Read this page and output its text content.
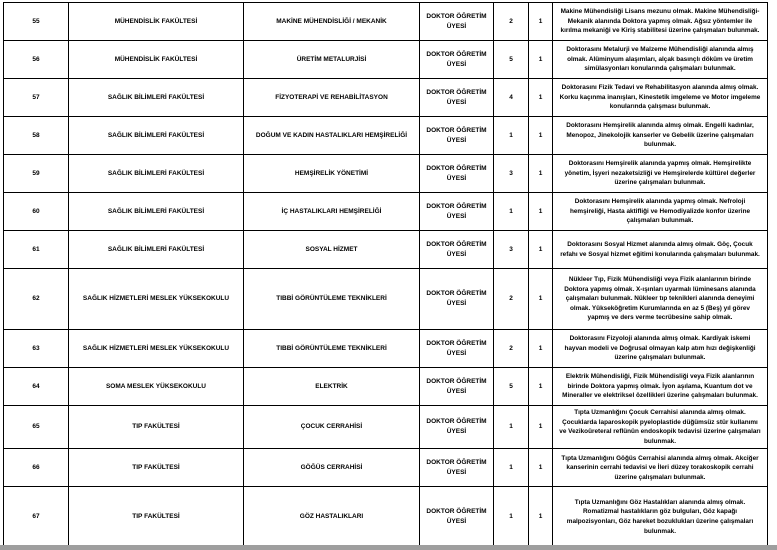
55	MÜHENDİSLİK FAKÜLTESİ	MAKİNE MÜHENDİSLİĞİ / MEKANİK	DOKTOR ÖĞRETİM ÜYESİ	2	1	Makine Mühendisliği Lisans mezunu olmak. Makine Mühendisliği-Mekanik alanında Doktora yapmış olmak. Ağsız yöntemler ile kırılma mekaniği ve Kiriş stabilitesi üzerine çalışmaları bulunmak.
56	MÜHENDİSLİK FAKÜLTESİ	ÜRETİM METALURJİSİ	DOKTOR ÖĞRETİM ÜYESİ	5	1	Doktorasını Metalurji ve Malzeme Mühendisliği alanında almış olmak. Alüminyum alaşımları, alçak basınçlı döküm ve üretim simülasyonları konularında çalışmaları bulunmak.
57	SAĞLIK BİLİMLERİ FAKÜLTESİ	FİZYOTERAPİ VE REHABİLİTASYON	DOKTOR ÖĞRETİM ÜYESİ	4	1	Doktorasını Fizik Tedavi ve Rehabilitasyon alanında almış olmak. Korku kaçınma inanışları, Kinestetik imgeleme ve Motor imgeleme konularında çalışması bulunmak.
58	SAĞLIK BİLİMLERİ FAKÜLTESİ	DOĞUM VE KADIN HASTALIKLARI HEMŞİRELİĞİ	DOKTOR ÖĞRETİM ÜYESİ	1	1	Doktorasını Hemşirelik alanında almış olmak. Engelli kadınlar, Menopoz, Jinekolojik kanserler ve Gebelik üzerine çalışmaları bulunmak.
59	SAĞLIK BİLİMLERİ FAKÜLTESİ	HEMŞİRELİK YÖNETİMİ	DOKTOR ÖĞRETİM ÜYESİ	3	1	Doktorasını Hemşirelik alanında yapmış olmak. Hemşirelikte yönetim, İşyeri nezaketsizliği ve Hemşirelerde kültürel değerler üzerine çalışmaları bulunmak.
60	SAĞLIK BİLİMLERİ FAKÜLTESİ	İÇ HASTALIKLARI HEMŞİRELİĞİ	DOKTOR ÖĞRETİM ÜYESİ	1	1	Doktorasını Hemşirelik alanında yapmış olmak. Nefroloji hemşireliği, Hasta aktifliği ve Hemodiyalizde konfor üzerine çalışmaları bulunmak.
61	SAĞLIK BİLİMLERİ FAKÜLTESİ	SOSYAL HİZMET	DOKTOR ÖĞRETİM ÜYESİ	3	1	Doktorasını Sosyal Hizmet alanında almış olmak. Göç, Çocuk refahı ve Sosyal hizmet eğitimi konularında çalışmaları bulunmak.
62	SAĞLIK HİZMETLERİ MESLEK YÜKSEKOKULU	TIBBİ GÖRÜNTÜLEME TEKNİKLERİ	DOKTOR ÖĞRETİM ÜYESİ	2	1	Nükleer Tıp, Fizik Mühendisliği veya Fizik alanlarının birinde Doktora yapmış olmak. X-ışınları uyarmalı lüminesans alanında çalışmaları bulunmak. Nükleer tıp teknikleri alanında deneyimi olmak. Yükseköğretim Kurumlarında en az 5 (Beş) yıl görev yapmış ve ders verme tecrübesine sahip olmak.
63	SAĞLIK HİZMETLERİ MESLEK YÜKSEKOKULU	TIBBİ GÖRÜNTÜLEME TEKNİKLERİ	DOKTOR ÖĞRETİM ÜYESİ	2	1	Doktorasını Fizyoloji alanında almış olmak. Kardiyak iskemi hayvan modeli ve Doğrusal olmayan kalp atım hızı değişkenliği üzerine çalışmaları bulunmak.
64	SOMA MESLEK YÜKSEKOKULU	ELEKTRİK	DOKTOR ÖĞRETİM ÜYESİ	5	1	Elektrik Mühendisliği, Fizik Mühendisliği veya Fizik alanlarının birinde Doktora yapmış olmak. İyon aşılama, Kuantum dot ve Mineraller ve elektriksel özellikleri üzerine çalışmaları bulunmak.
65	TIP FAKÜLTESİ	ÇOCUK CERRAHİSİ	DOKTOR ÖĞRETİM ÜYESİ	1	1	Tıpta Uzmanlığını Çocuk Cerrahisi alanında almış olmak. Çocuklarda laparoskopik pyeloplastide düğümsüz stür kullanımı ve Vezikoüreteral reflünün endoskopik tedavisi üzerine çalışmaları bulunmak.
66	TIP FAKÜLTESİ	GÖĞÜS CERRAHİSİ	DOKTOR ÖĞRETİM ÜYESİ	1	1	Tıpta Uzmanlığını Göğüs Cerrahisi alanında almış olmak. Akciğer kanserinin cerrahi tedavisi ve İleri düzey torakoskopik cerrahi üzerine çalışmaları bulunmak.
67	TIP FAKÜLTESİ	GÖZ HASTALIKLARI	DOKTOR ÖĞRETİM ÜYESİ	1	1	Tıpta Uzmanlığını Göz Hastalıkları alanında almış olmak. Romatizmal hastalıkların göz bulguları, Göz kapağı malpozisyonları, Göz hareket bozuklukları üzerine çalışmaları bulunmak.
